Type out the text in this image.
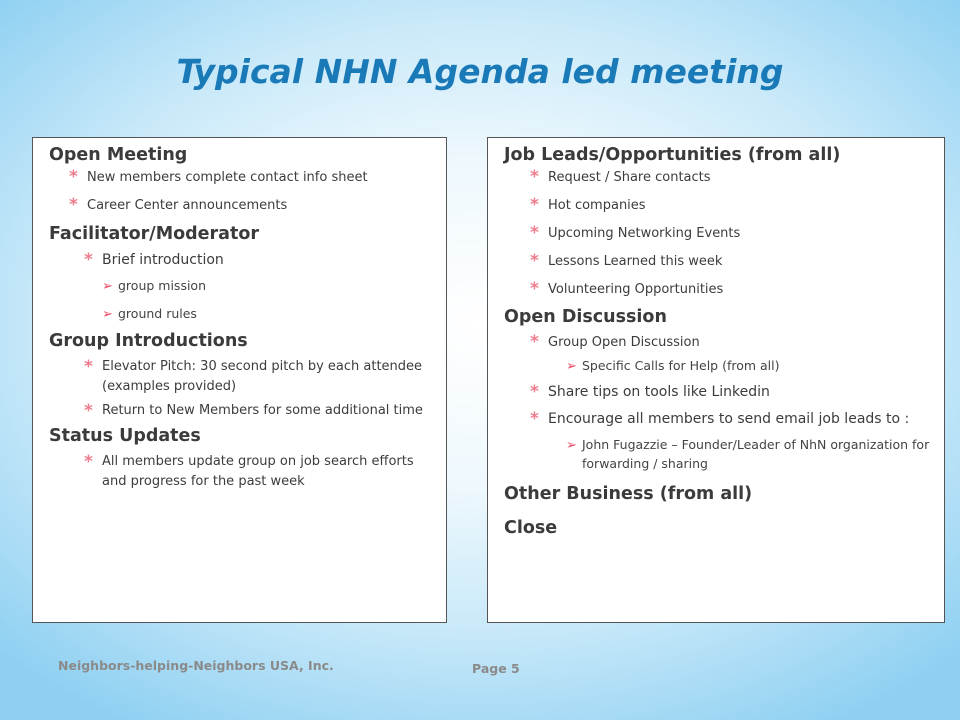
Typical NHN Agenda led meeting

Open Meeting

* New members complete contact info sheet
* Career Center announcements

Facilitator/Moderator

* Brief introduction
➢ group mission
➢ ground rules

Group Introductions

* Elevator Pitch: 30 second pitch by each attendee (examples provided)
* Return to New Members for some additional time

Status Updates

* All members update group on job search efforts and progress for the past week

Job Leads/Opportunities (from all)

* Request / Share contacts
* Hot companies
* Upcoming Networking Events
* Lessons Learned this week
* Volunteering Opportunities

Open Discussion

* Group Open Discussion
➢ Specific Calls for Help (from all)
* Share tips on tools like Linkedin
* Encourage all members to send email job leads to :
➢ John Fugazzie – Founder/Leader of NhN organization for forwarding / sharing

Other Business (from all)

Close

Neighbors-helping-Neighbors USA, Inc.	Page 5
